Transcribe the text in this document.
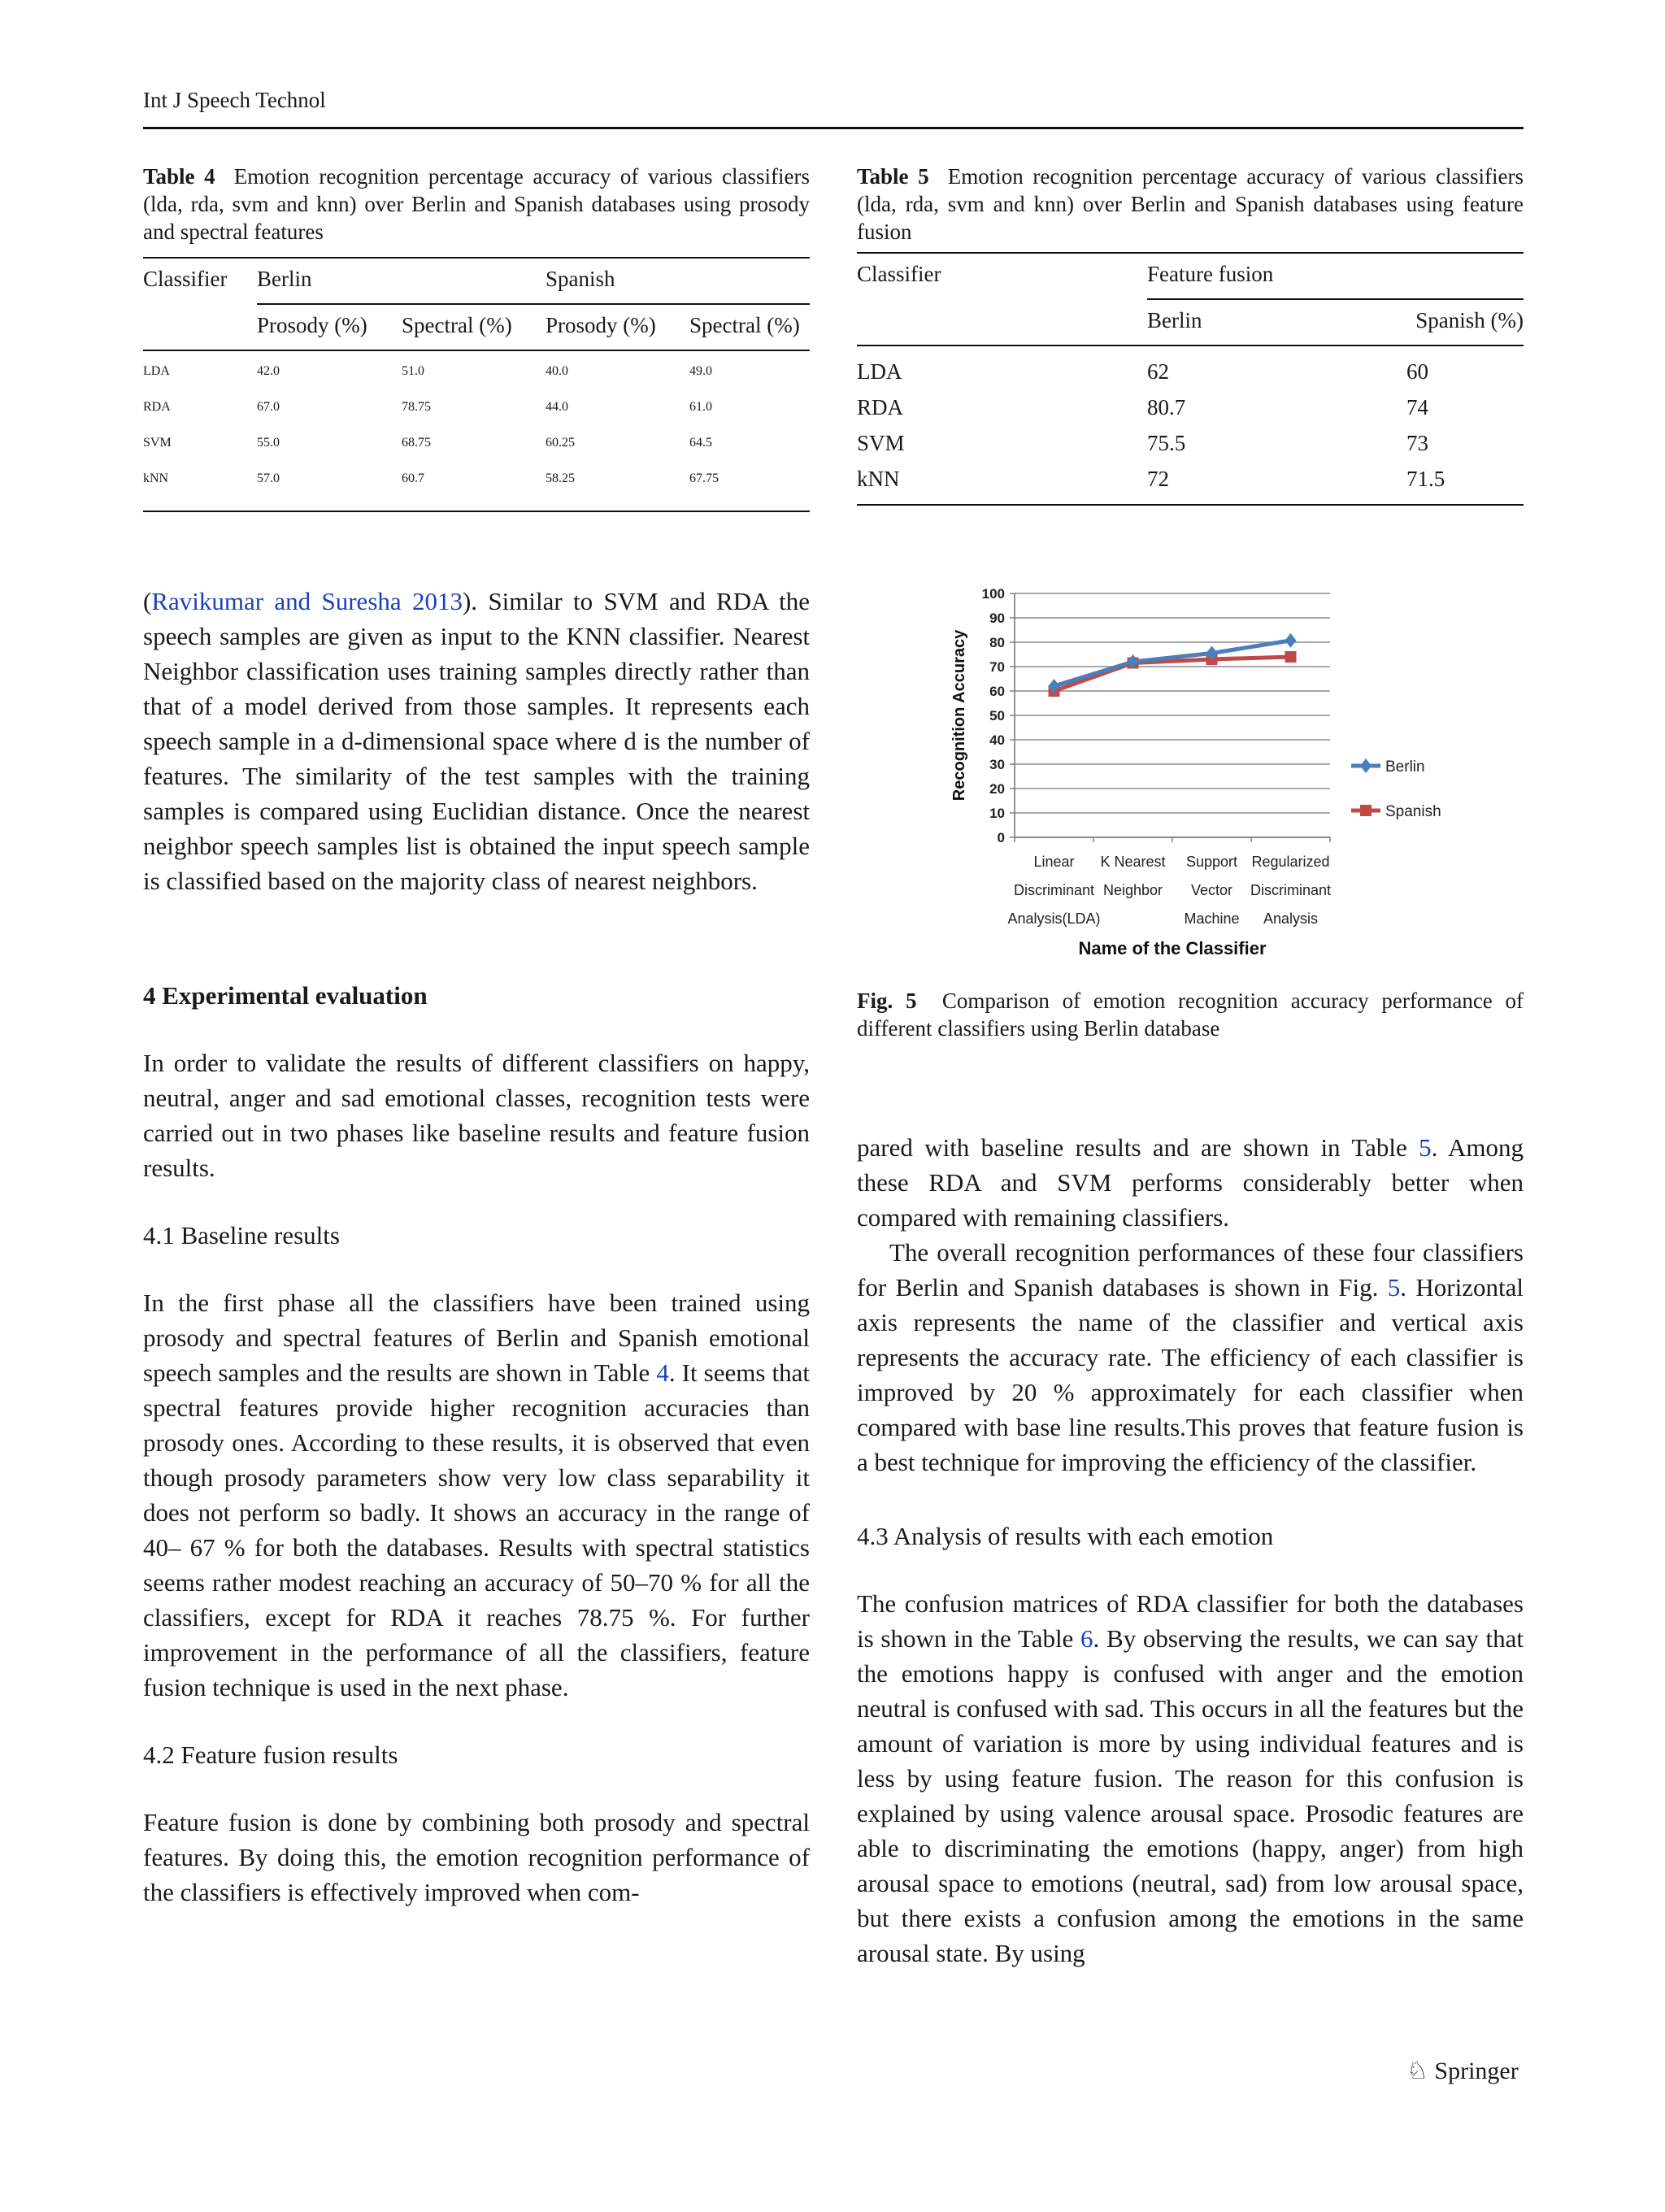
Int J Speech Technol
Table 4 Emotion recognition percentage accuracy of various classifiers (lda, rda, svm and knn) over Berlin and Spanish databases using prosody and spectral features
Classifier Berlin	Spanish
Prosody (%) Spectral (%) Prosody (%) Spectral (%)
LDA	42.0	51.0	40.0	49.0
RDA	67.0	78.75	44.0	61.0
SVM	55.0	68.75	60.25	64.5
kNN	57.0	60.7	58.25	67.75
Table 5 Emotion recognition percentage accuracy of various classifiers (lda, rda, svm and knn) over Berlin and Spanish databases using feature fusion
Classifier	Feature fusion
Berlin	Spanish (%)
LDA	62	60
RDA	80.7	74
SVM	75.5	73
kNN	72	71.5

(Ravikumar and Suresha 2013). Similar to SVM and RDA the speech samples are given as input to the KNN classifier. Nearest Neighbor classification uses training samples directly rather than that of a model derived from those samples. It represents each speech sample in a d-dimensional space where d is the number of features. The similarity of the test samples with the training samples is compared using Euclidian distance. Once the nearest neighbor speech samples list is obtained the input speech sample is classified based on the majority class of nearest neighbors.

4 Experimental evaluation

In order to validate the results of different classifiers on happy, neutral, anger and sad emotional classes, recognition tests were carried out in two phases like baseline results and feature fusion results.

4.1 Baseline results

In the first phase all the classifiers have been trained using prosody and spectral features of Berlin and Spanish emotional speech samples and the results are shown in Table 4. It seems that spectral features provide higher recognition accuracies than prosody ones. According to these results, it is observed that even though prosody parameters show very low class separability it does not perform so badly. It shows an accuracy in the range of 40– 67 % for both the databases. Results with spectral statistics seems rather modest reaching an accuracy of 50–70 % for all the classifiers, except for RDA it reaches 78.75 %. For further improvement in the performance of all the classifiers, feature fusion technique is used in the next phase.

4.2 Feature fusion results

Feature fusion is done by combining both prosody and spectral features. By doing this, the emotion recognition performance of the classifiers is effectively improved when com-

0
10
20
30
40
50
60
70
80
90
100
Linear
Discriminant
Analysis(LDA)
K Nearest
Neighbor
Support
Vector
Machine
Regularized
Discriminant
Analysis
Name of the Classifier
Recognition Accuracy	Berlin
Spanish
Fig. 5 Comparison of emotion recognition accuracy performance of different classifiers using Berlin database

pared with baseline results and are shown in Table 5. Among these RDA and SVM performs considerably better when compared with remaining classifiers.

The overall recognition performances of these four classifiers for Berlin and Spanish databases is shown in Fig. 5. Horizontal axis represents the name of the classifier and vertical axis represents the accuracy rate. The efficiency of each classifier is improved by 20 % approximately for each classifier when compared with base line results.This proves that feature fusion is a best technique for improving the efficiency of the classifier.

4.3 Analysis of results with each emotion

The confusion matrices of RDA classifier for both the databases is shown in the Table 6. By observing the results, we can say that the emotions happy is confused with anger and the emotion neutral is confused with sad. This occurs in all the features but the amount of variation is more by using individual features and is less by using feature fusion. The reason for this confusion is explained by using valence arousal space. Prosodic features are able to discriminating the emotions (happy, anger) from high arousal space to emotions (neutral, sad) from low arousal space, but there exists a confusion among the emotions in the same arousal state. By using

♘ Springer
